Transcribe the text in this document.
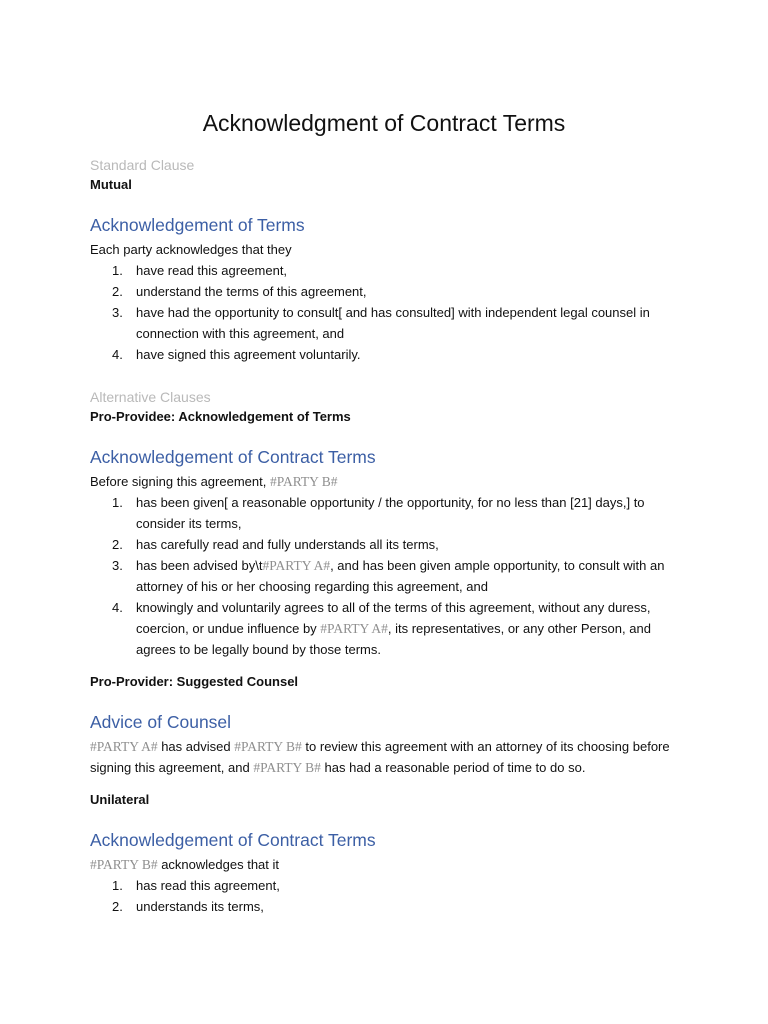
Acknowledgment of Contract Terms

Standard Clause

Mutual

Acknowledgement of Terms

Each party acknowledges that they

1. have read this agreement,
2. understand the terms of this agreement,
3. have had the opportunity to consult[ and has consulted] with independent legal counsel in connection with this agreement, and
4. have signed this agreement voluntarily.

Alternative Clauses

Pro-Providee: Acknowledgement of Terms

Acknowledgement of Contract Terms

Before signing this agreement, #PARTY B#

1. has been given[ a reasonable opportunity / the opportunity, for no less than [21] days,] to consider its terms,
2. has carefully read and fully understands all its terms,
3. has been advised by\t#PARTY A#, and has been given ample opportunity, to consult with an attorney of his or her choosing regarding this agreement, and
4. knowingly and voluntarily agrees to all of the terms of this agreement, without any duress, coercion, or undue influence by #PARTY A#, its representatives, or any other Person, and agrees to be legally bound by those terms.

Pro-Provider: Suggested Counsel

Advice of Counsel

#PARTY A# has advised #PARTY B# to review this agreement with an attorney of its choosing before signing this agreement, and #PARTY B# has had a reasonable period of time to do so.

Unilateral

Acknowledgement of Contract Terms

#PARTY B# acknowledges that it

1. has read this agreement,
2. understands its terms,
